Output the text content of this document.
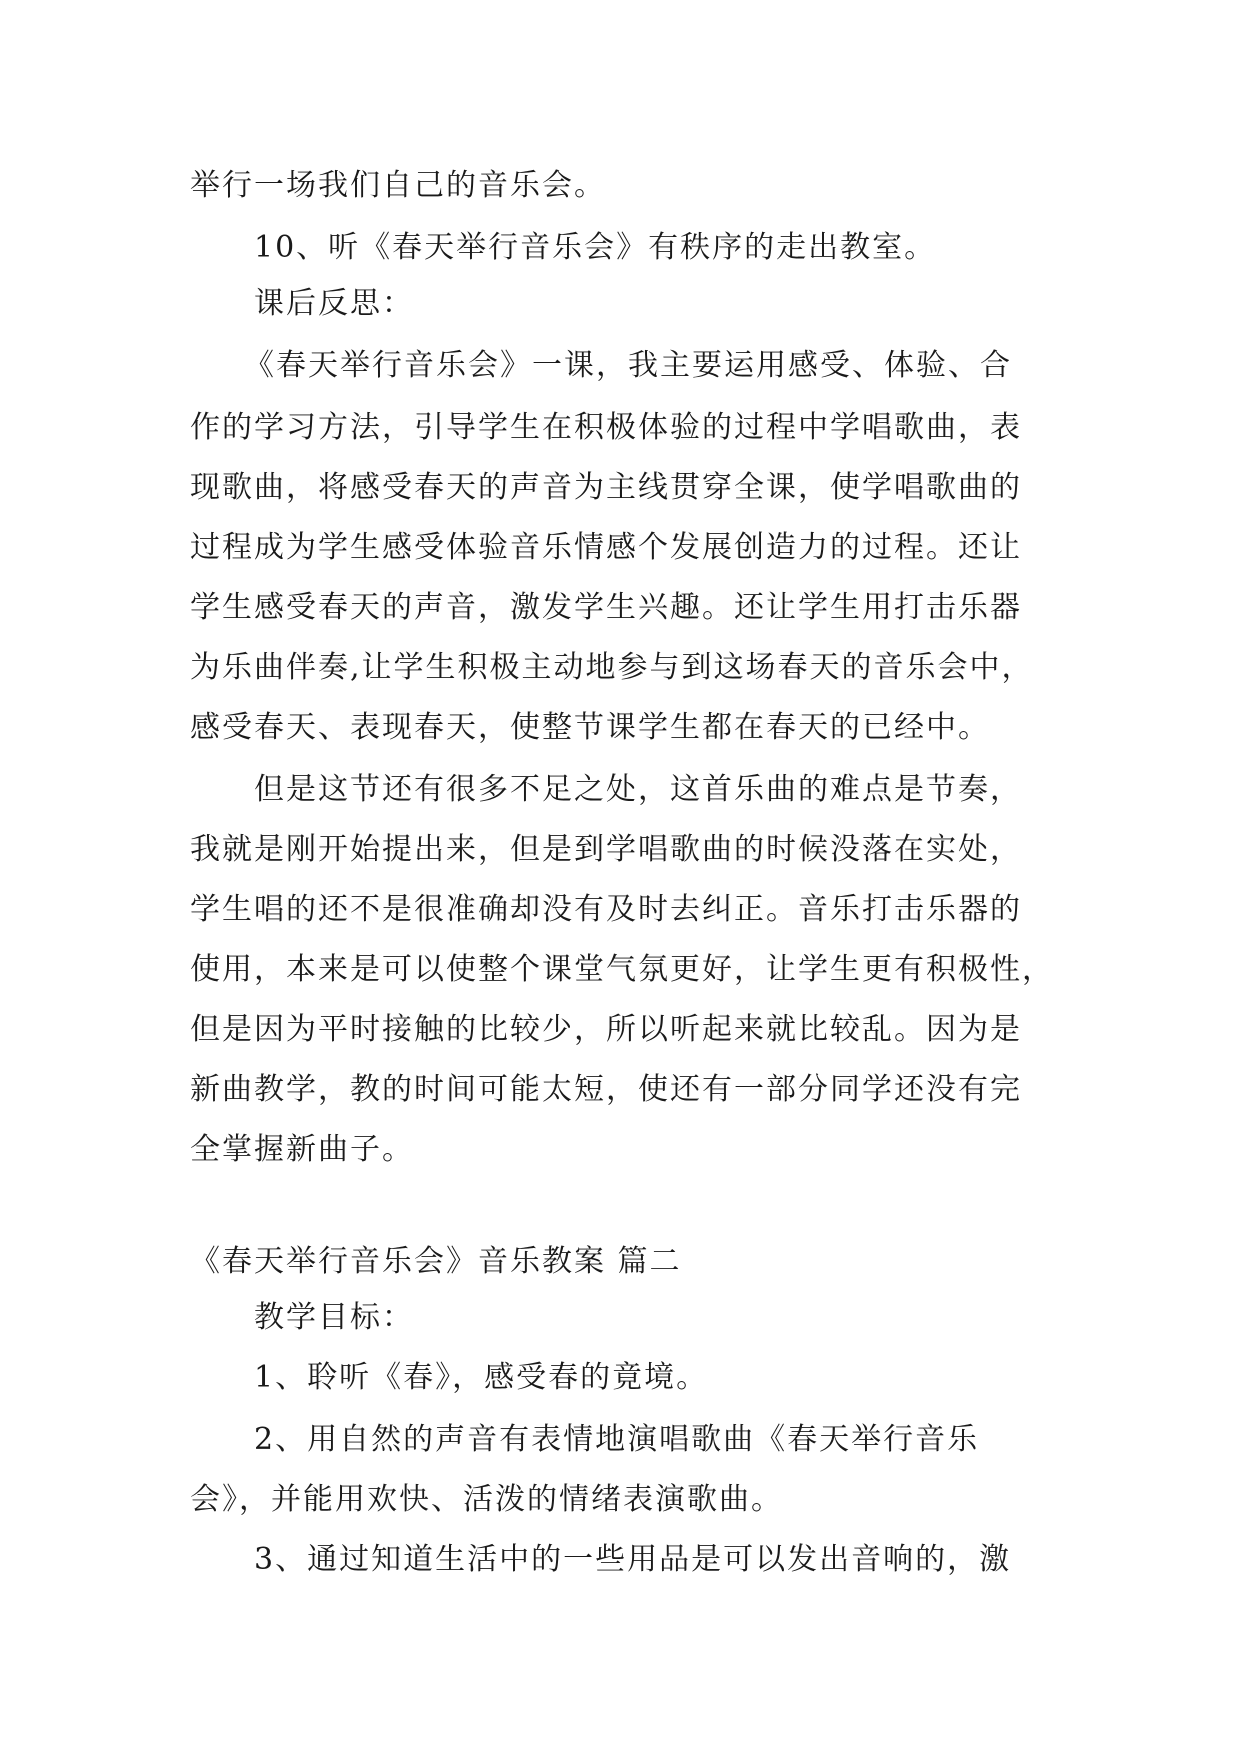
举行一场我们自己的音乐会。
10、听《春天举行音乐会》有秩序的走出教室。
课后反思：
《春天举行音乐会》一课，我主要运用感受、体验、合
作的学习方法，引导学生在积极体验的过程中学唱歌曲，表
现歌曲，将感受春天的声音为主线贯穿全课，使学唱歌曲的
过程成为学生感受体验音乐情感个发展创造力的过程。还让
学生感受春天的声音，激发学生兴趣。还让学生用打击乐器
为乐曲伴奏,让学生积极主动地参与到这场春天的音乐会中，
感受春天、表现春天，使整节课学生都在春天的已经中。
但是这节还有很多不足之处，这首乐曲的难点是节奏，
我就是刚开始提出来，但是到学唱歌曲的时候没落在实处，
学生唱的还不是很准确却没有及时去纠正。音乐打击乐器的
使用，本来是可以使整个课堂气氛更好，让学生更有积极性，
但是因为平时接触的比较少，所以听起来就比较乱。因为是
新曲教学，教的时间可能太短，使还有一部分同学还没有完
全掌握新曲子。
《春天举行音乐会》音乐教案 篇二
教学目标：
1、聆听《春》，感受春的竟境。
2、用自然的声音有表情地演唱歌曲《春天举行音乐
会》，并能用欢快、活泼的情绪表演歌曲。
3、通过知道生活中的一些用品是可以发出音响的，激
